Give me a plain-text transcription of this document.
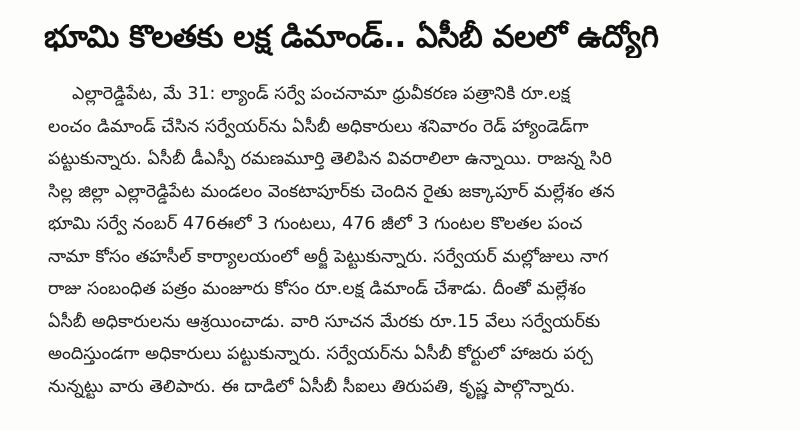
భూమి కొలతకు లక్ష డిమాండ్.. ఏసీబీ వలలో ఉద్యోగి
ఎల్లారెడ్డిపేట, మే 31: ల్యాండ్ సర్వే పంచనామా ధ్రువీకరణ పత్రానికి రూ.లక్ష
లంచం డిమాండ్ చేసిన సర్వేయర్‌ను ఏసీబీ అధికారులు శనివారం రెడ్ హ్యాండెడ్‌గా
పట్టుకున్నారు. ఏసీబీ డీఎస్పీ రమణమూర్తి తెలిపిన వివరాలిలా ఉన్నాయి. రాజన్న సిరి
సిల్ల జిల్లా ఎల్లారెడ్డిపేట మండలం వెంకటాపూర్‌కు చెందిన రైతు జక్కాపూర్ మల్లేశం తన
భూమి సర్వే నంబర్ 476ఈలో 3 గుంటలు, 476 జీలో 3 గుంటల కొలతల పంచ
నామా కోసం తహసీల్ కార్యాలయంలో అర్జీ పెట్టుకున్నారు. సర్వేయర్ మల్లోజులు నాగ
రాజు సంబంధిత పత్రం మంజూరు కోసం రూ.లక్ష డిమాండ్ చేశాడు. దీంతో మల్లేశం
ఏసీబీ అధికారులను ఆశ్రయించాడు. వారి సూచన మేరకు రూ.15 వేలు సర్వేయర్‌కు
అందిస్తుండగా అధికారులు పట్టుకున్నారు. సర్వేయర్‌ను ఏసీబీ కోర్టులో హాజరు పర్చ
నున్నట్టు వారు తెలిపారు. ఈ దాడిలో ఏసీబీ సీఐలు తిరుపతి, కృష్ణ పాల్గొన్నారు.
